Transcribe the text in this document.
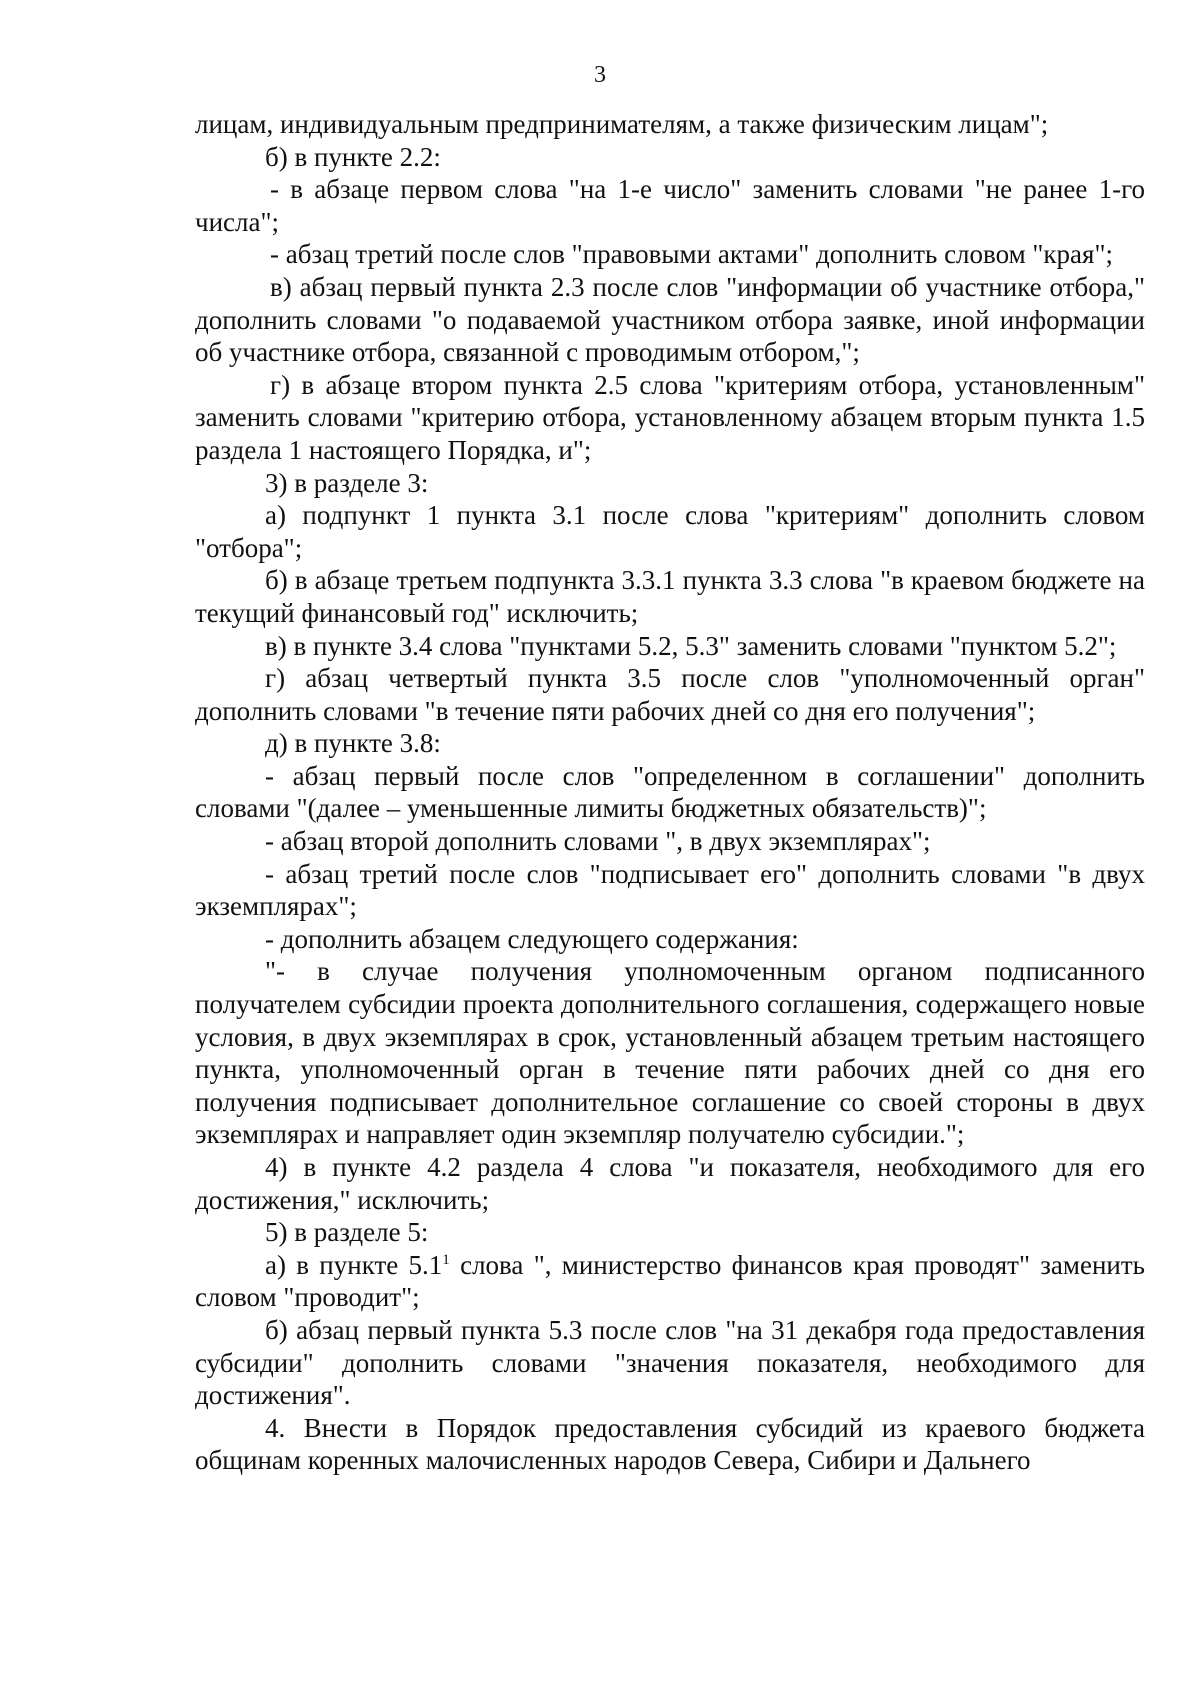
3

лицам, индивидуальным предпринимателям, а также физическим лицам";

б) в пункте 2.2:

- в абзаце первом слова "на 1-е число" заменить словами "не ранее 1-го числа";

- абзац третий после слов "правовыми актами" дополнить словом "края";

в) абзац первый пункта 2.3 после слов "информации об участнике отбора," дополнить словами "о подаваемой участником отбора заявке, иной информации об участнике отбора, связанной с проводимым отбором,";

г) в абзаце втором пункта 2.5 слова "критериям отбора, установленным" заменить словами "критерию отбора, установленному абзацем вторым пункта 1.5 раздела 1 настоящего Порядка, и";

3) в разделе 3:

а) подпункт 1 пункта 3.1 после слова "критериям" дополнить словом "отбора";

б) в абзаце третьем подпункта 3.3.1 пункта 3.3 слова "в краевом бюджете на текущий финансовый год" исключить;

в) в пункте 3.4 слова "пунктами 5.2, 5.3" заменить словами "пунктом 5.2";

г) абзац четвертый пункта 3.5 после слов "уполномоченный орган" дополнить словами "в течение пяти рабочих дней со дня его получения";

д) в пункте 3.8:

- абзац первый после слов "определенном в соглашении" дополнить словами "(далее – уменьшенные лимиты бюджетных обязательств)";

- абзац второй дополнить словами ", в двух экземплярах";

- абзац третий после слов "подписывает его" дополнить словами "в двух экземплярах";

- дополнить абзацем следующего содержания:

"- в случае получения уполномоченным органом подписанного получателем субсидии проекта дополнительного соглашения, содержащего новые условия, в двух экземплярах в срок, установленный абзацем третьим настоящего пункта, уполномоченный орган в течение пяти рабочих дней со дня его получения подписывает дополнительное соглашение со своей стороны в двух экземплярах и направляет один экземпляр получателю субсидии.";

4) в пункте 4.2 раздела 4 слова "и показателя, необходимого для его достижения," исключить;

5) в разделе 5:

а) в пункте $5.1^1$ слова ", министерство финансов края проводят" заменить словом "проводит";

б) абзац первый пункта 5.3 после слов "на 31 декабря года предоставления субсидии" дополнить словами "значения показателя, необходимого для достижения".

4. Внести в Порядок предоставления субсидий из краевого бюджета общинам коренных малочисленных народов Севера, Сибири и Дальнего
